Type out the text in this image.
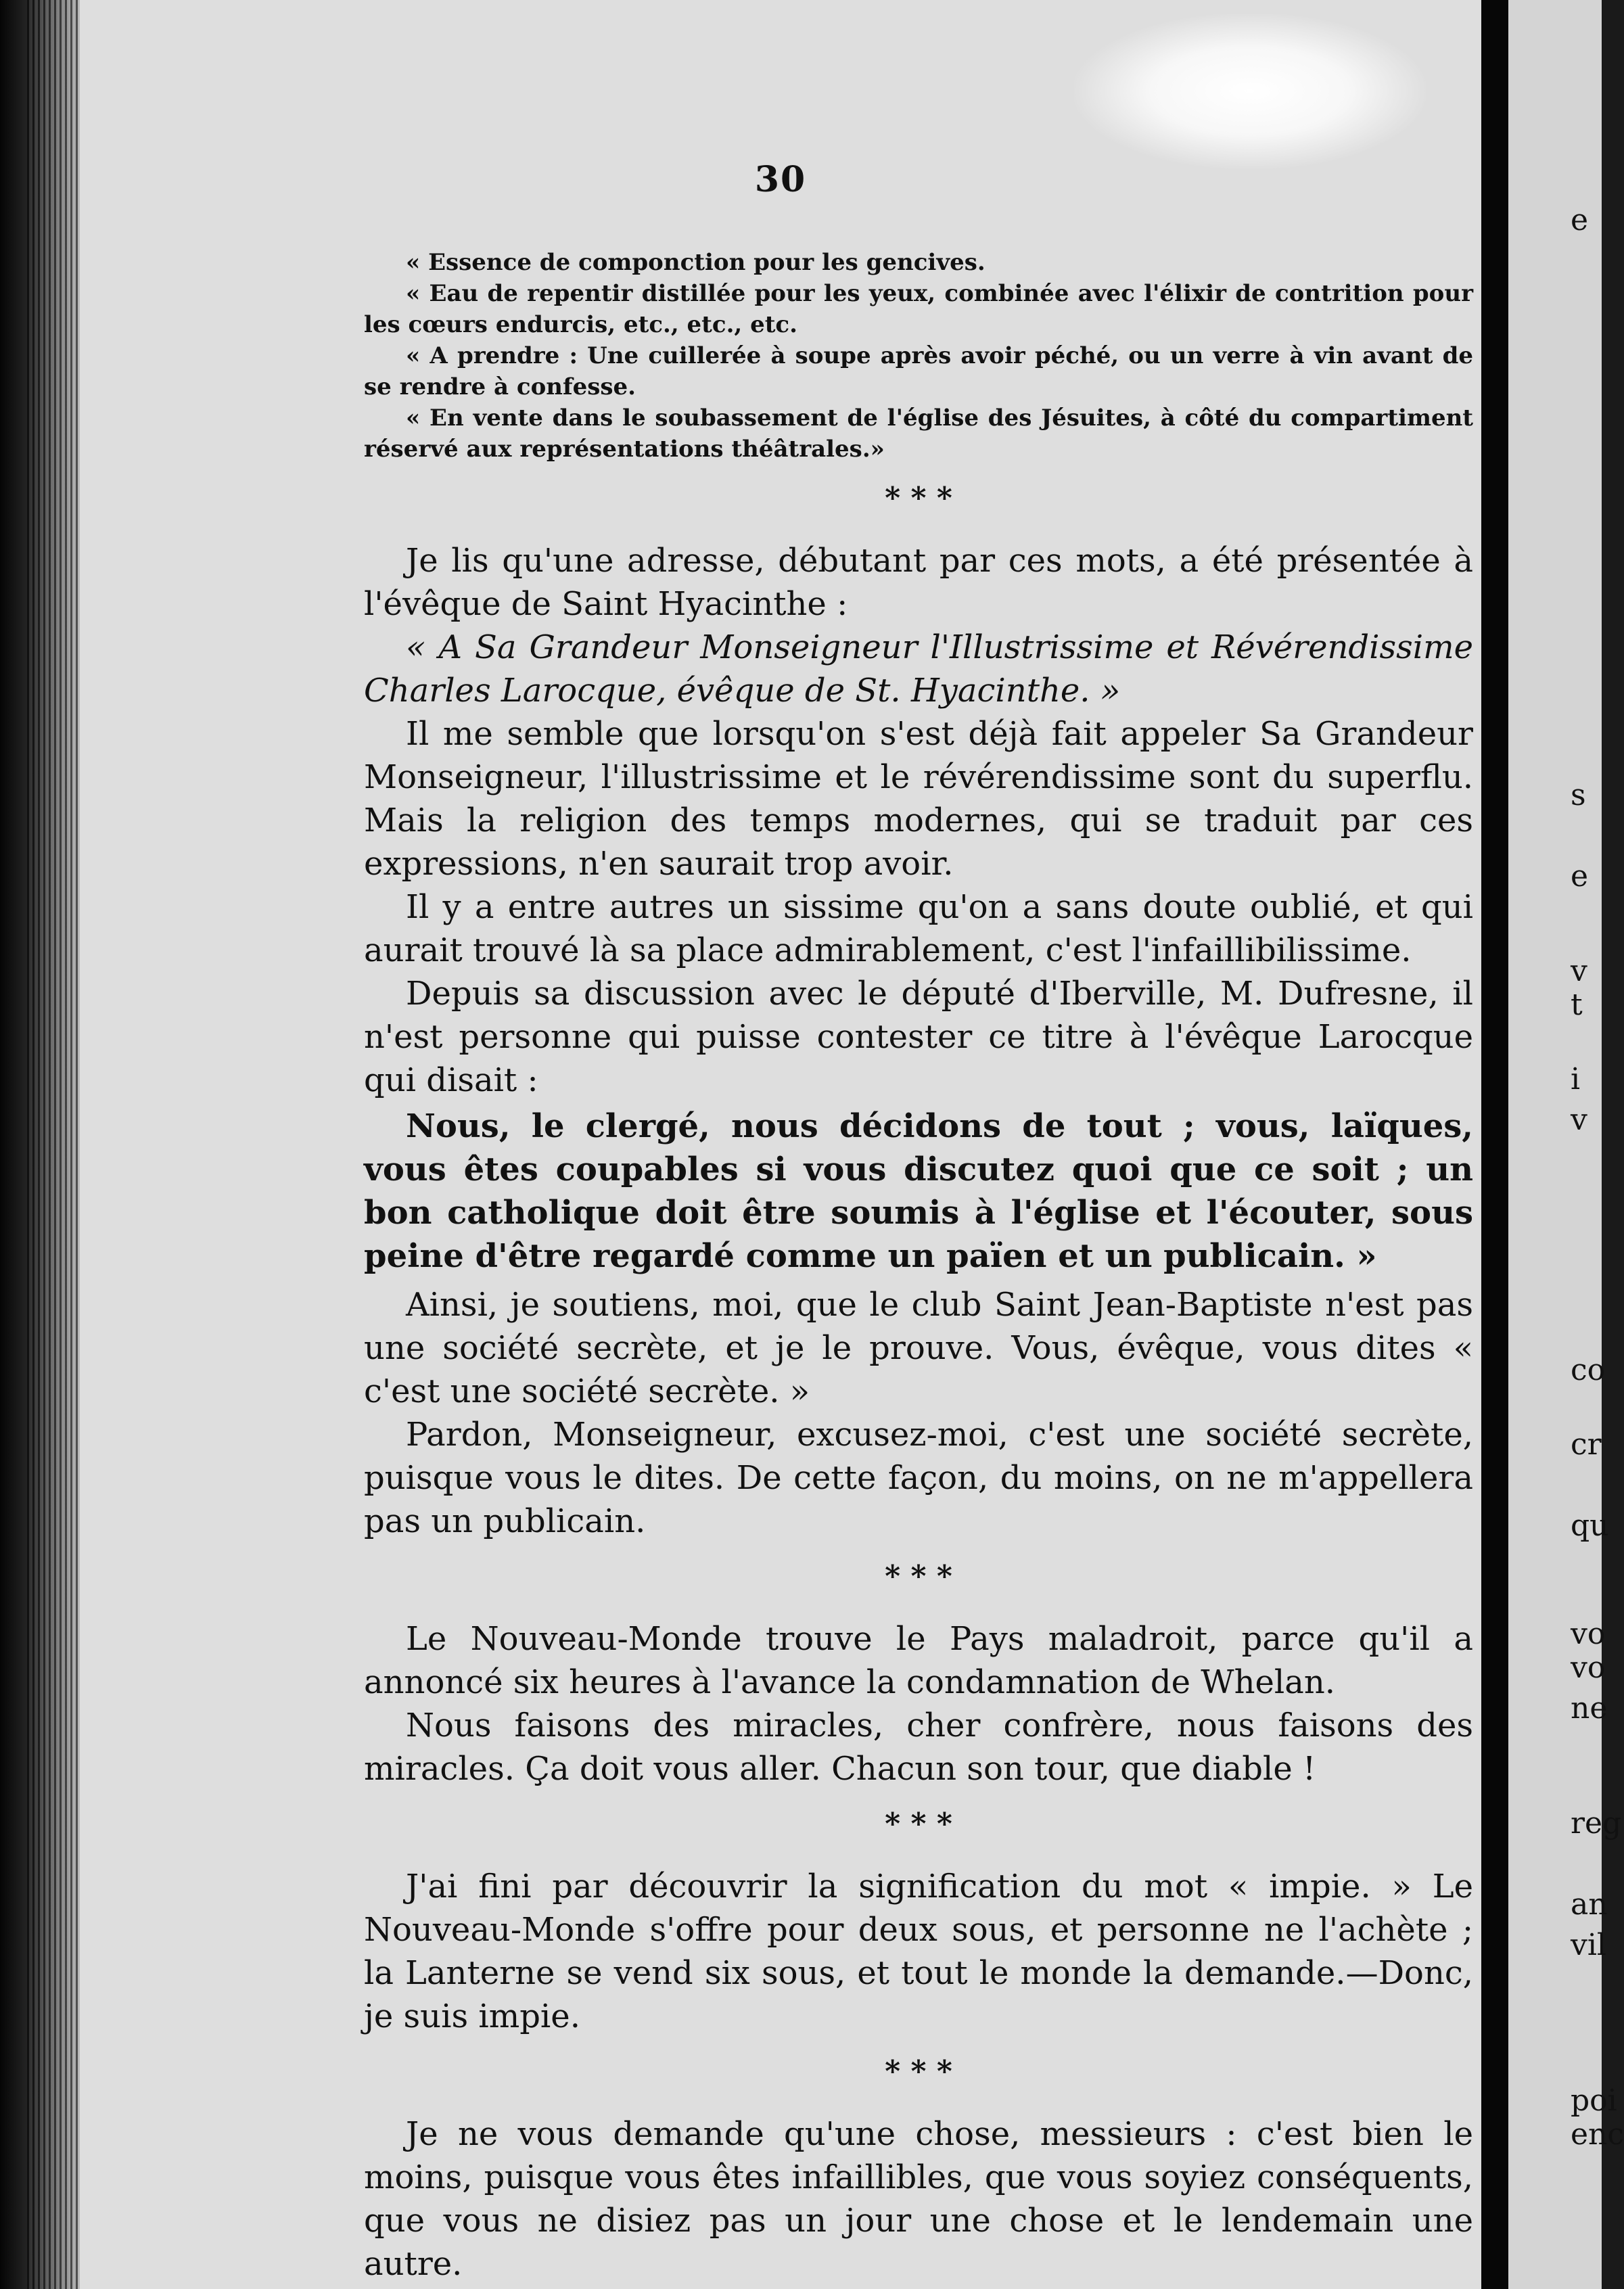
30

« Essence de componction pour les gencives.

« Eau de repentir distillée pour les yeux, combinée avec l'élixir de contrition pour les cœurs endurcis, etc., etc., etc.

« A prendre : Une cuillerée à soupe après avoir péché, ou un verre à vin avant de se rendre à confesse.

« En vente dans le soubassement de l'église des Jésuites, à côté du compartiment réservé aux représentations théâtrales.»

* * *

Je lis qu'une adresse, débutant par ces mots, a été présentée à l'évêque de Saint Hyacinthe :

« A Sa Grandeur Monseigneur l'Illustrissime et Révérendissime Charles Larocque, évêque de St. Hyacinthe. »

Il me semble que lorsqu'on s'est déjà fait appeler Sa Grandeur Monseigneur, l'illustrissime et le révérendissime sont du superflu. Mais la religion des temps modernes, qui se traduit par ces expressions, n'en saurait trop avoir.

Il y a entre autres un sissime qu'on a sans doute oublié, et qui aurait trouvé là sa place admirablement, c'est l'infaillibilissime.

Depuis sa discussion avec le député d'Iberville, M. Dufresne, il n'est personne qui puisse contester ce titre à l'évêque Larocque qui disait :

Nous, le clergé, nous décidons de tout ; vous, laïques, vous êtes coupables si vous discutez quoi que ce soit ; un bon catholique doit être soumis à l'église et l'écouter, sous peine d'être regardé comme un païen et un publicain. »

Ainsi, je soutiens, moi, que le club Saint Jean-Baptiste n'est pas une société secrète, et je le prouve. Vous, évêque, vous dites « c'est une société secrète. »

Pardon, Monseigneur, excusez-moi, c'est une société secrète, puisque vous le dites. De cette façon, du moins, on ne m'appellera pas un publicain.

* * *

Le Nouveau-Monde trouve le Pays maladroit, parce qu'il a annoncé six heures à l'avance la condamnation de Whelan.

Nous faisons des miracles, cher confrère, nous faisons des miracles. Ça doit vous aller. Chacun son tour, que diable !

* * *

J'ai fini par découvrir la signification du mot « impie. » Le Nouveau-Monde s'offre pour deux sous, et personne ne l'achète ; la Lanterne se vend six sous, et tout le monde la demande.—Donc, je suis impie.

* * *

Je ne vous demande qu'une chose, messieurs : c'est bien le moins, puisque vous êtes infaillibles, que vous soyiez conséquents, que vous ne disiez pas un jour une chose et le lendemain une autre.

e
s
e
v
t
i
v
co
cr
qu
vo
vo
ne
reg
an
vil
poi
enc
